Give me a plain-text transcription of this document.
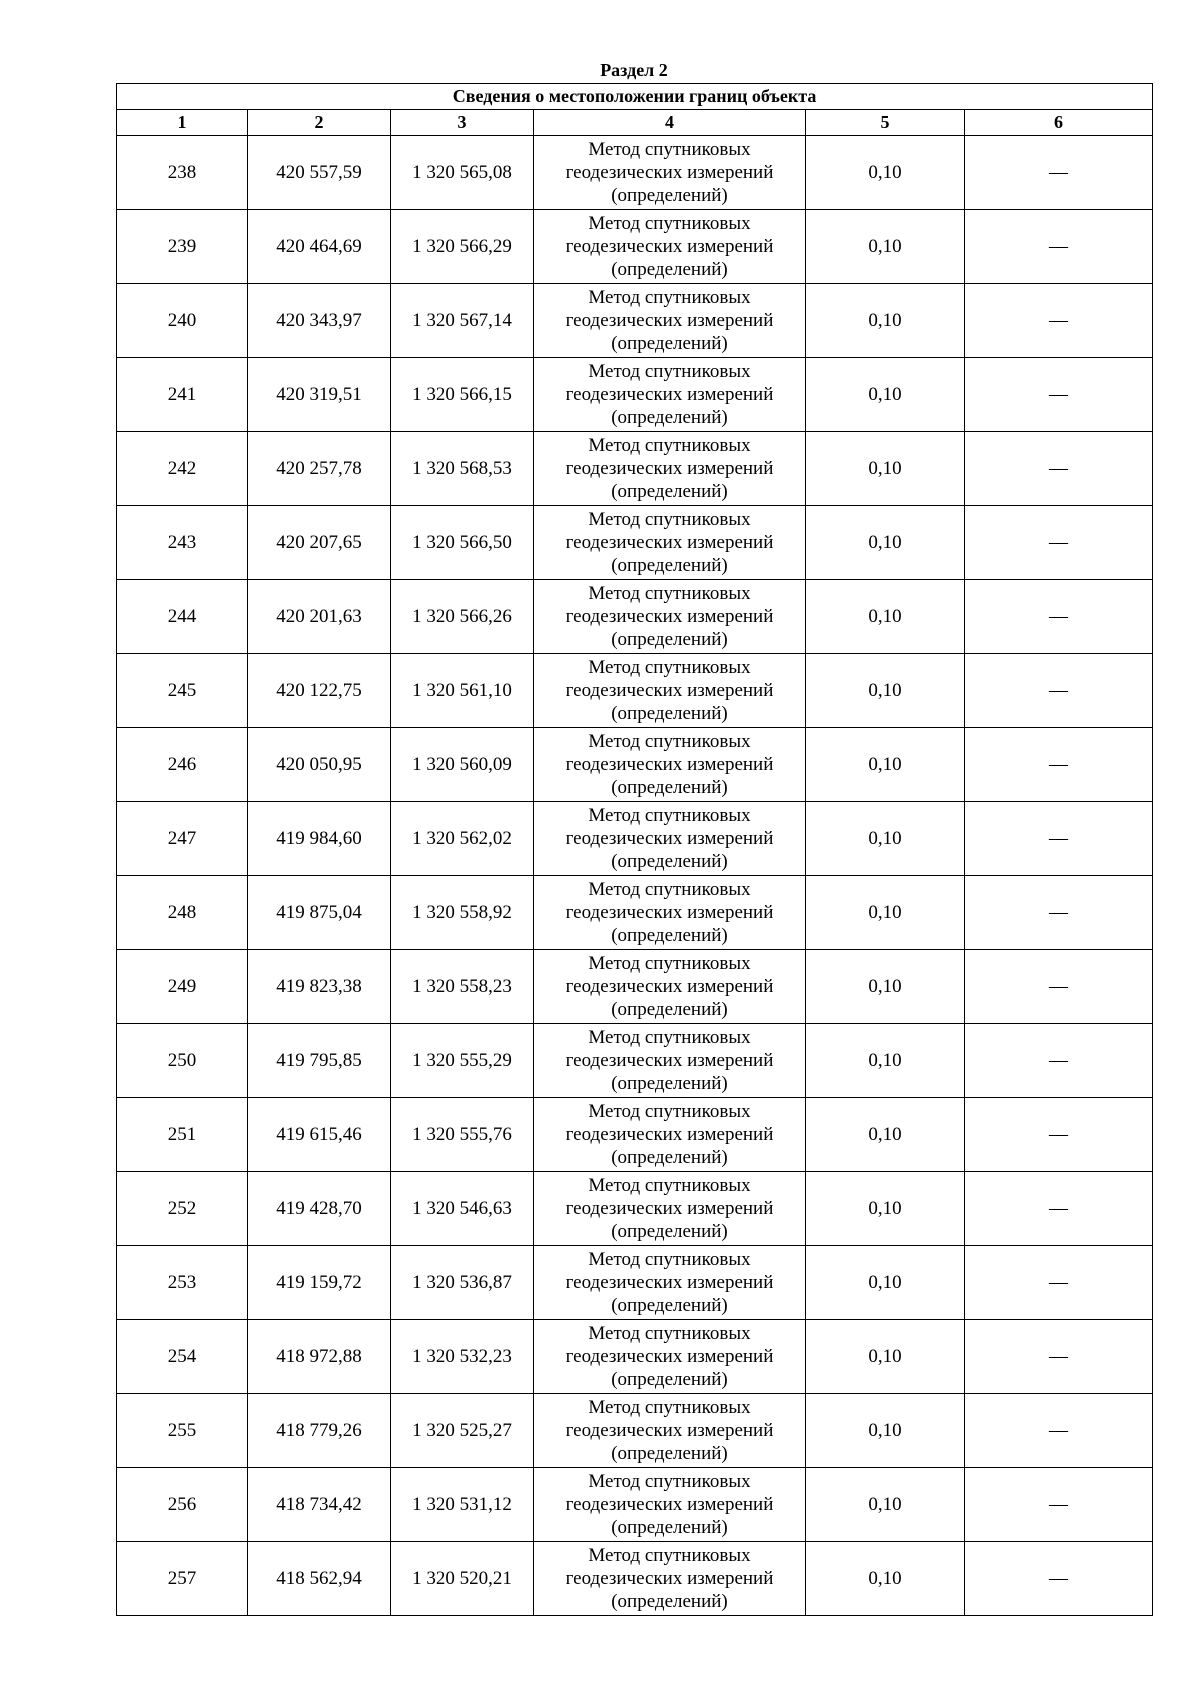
Раздел 2
Сведения о местоположении границ объекта					
1	2	3	4	5	6
238	420 557,59	1 320 565,08	Метод спутниковых
геодезических измерений
(определений)	0,10	—
239	420 464,69	1 320 566,29	Метод спутниковых
геодезических измерений
(определений)	0,10	—
240	420 343,97	1 320 567,14	Метод спутниковых
геодезических измерений
(определений)	0,10	—
241	420 319,51	1 320 566,15	Метод спутниковых
геодезических измерений
(определений)	0,10	—
242	420 257,78	1 320 568,53	Метод спутниковых
геодезических измерений
(определений)	0,10	—
243	420 207,65	1 320 566,50	Метод спутниковых
геодезических измерений
(определений)	0,10	—
244	420 201,63	1 320 566,26	Метод спутниковых
геодезических измерений
(определений)	0,10	—
245	420 122,75	1 320 561,10	Метод спутниковых
геодезических измерений
(определений)	0,10	—
246	420 050,95	1 320 560,09	Метод спутниковых
геодезических измерений
(определений)	0,10	—
247	419 984,60	1 320 562,02	Метод спутниковых
геодезических измерений
(определений)	0,10	—
248	419 875,04	1 320 558,92	Метод спутниковых
геодезических измерений
(определений)	0,10	—
249	419 823,38	1 320 558,23	Метод спутниковых
геодезических измерений
(определений)	0,10	—
250	419 795,85	1 320 555,29	Метод спутниковых
геодезических измерений
(определений)	0,10	—
251	419 615,46	1 320 555,76	Метод спутниковых
геодезических измерений
(определений)	0,10	—
252	419 428,70	1 320 546,63	Метод спутниковых
геодезических измерений
(определений)	0,10	—
253	419 159,72	1 320 536,87	Метод спутниковых
геодезических измерений
(определений)	0,10	—
254	418 972,88	1 320 532,23	Метод спутниковых
геодезических измерений
(определений)	0,10	—
255	418 779,26	1 320 525,27	Метод спутниковых
геодезических измерений
(определений)	0,10	—
256	418 734,42	1 320 531,12	Метод спутниковых
геодезических измерений
(определений)	0,10	—
257	418 562,94	1 320 520,21	Метод спутниковых
геодезических измерений
(определений)	0,10	—
